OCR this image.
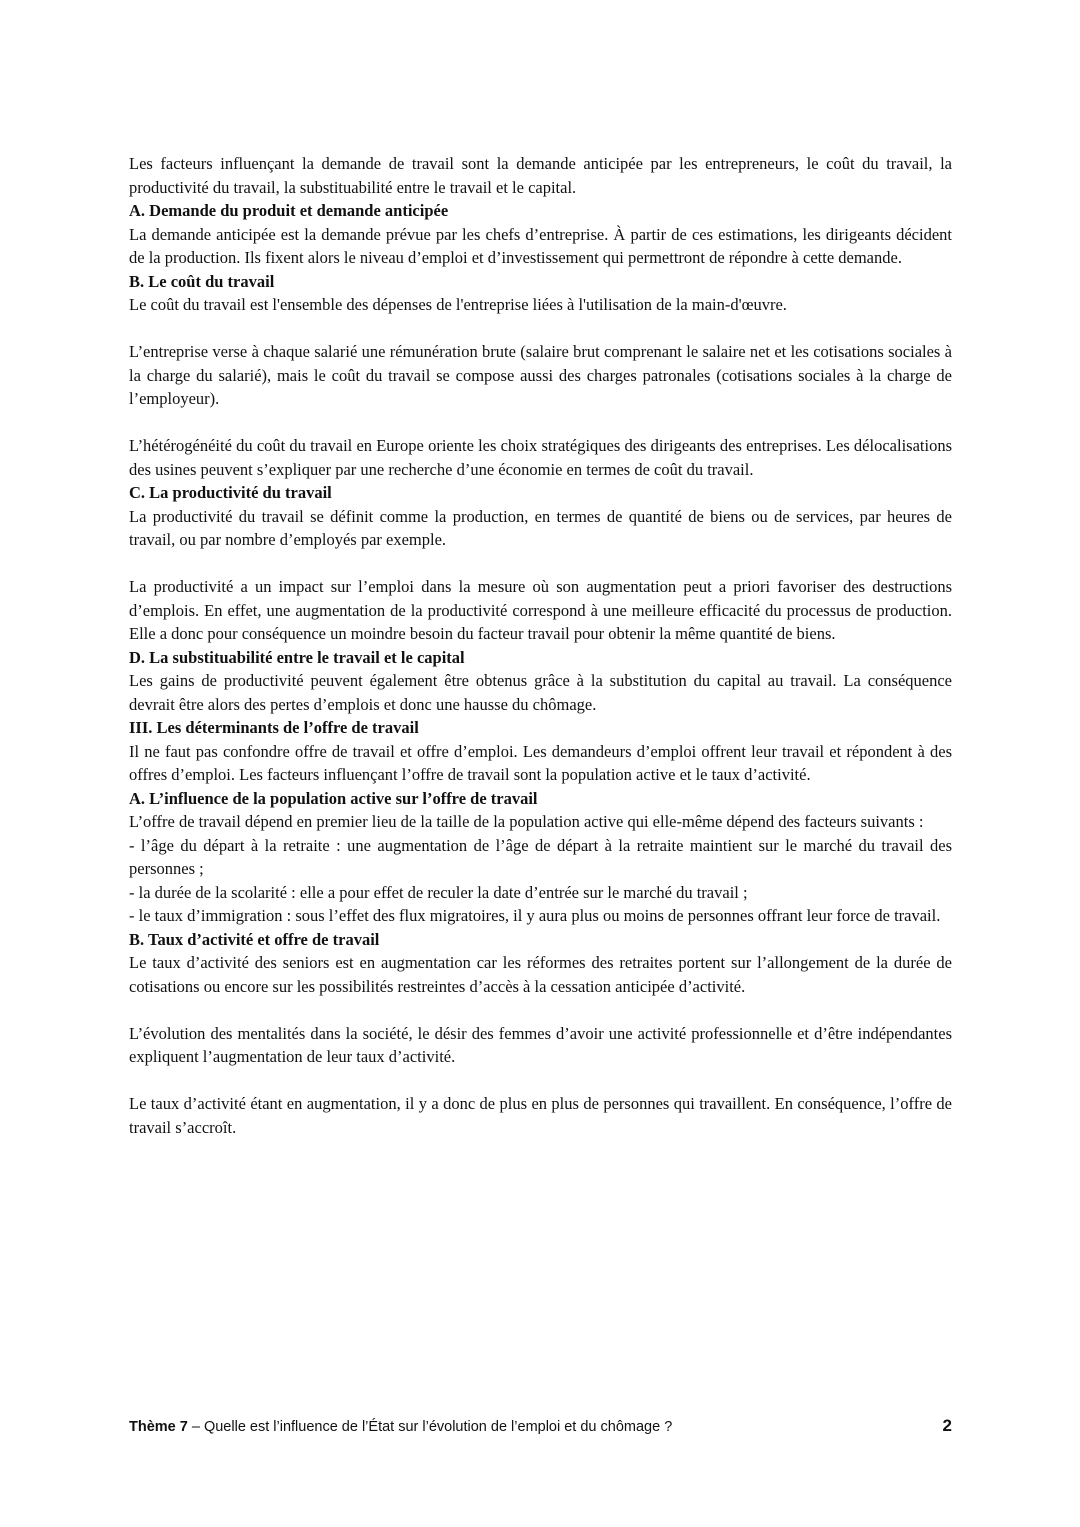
Les facteurs influençant la demande de travail sont la demande anticipée par les entrepreneurs, le coût du travail, la productivité du travail, la substituabilité entre le travail et le capital.

A. Demande du produit et demande anticipée

La demande anticipée est la demande prévue par les chefs d’entreprise. À partir de ces estimations, les dirigeants décident de la production. Ils fixent alors le niveau d’emploi et d’investissement qui permettront de répondre à cette demande.

B. Le coût du travail

Le coût du travail est l'ensemble des dépenses de l'entreprise liées à l'utilisation de la main-d'œuvre.

L’entreprise verse à chaque salarié une rémunération brute (salaire brut comprenant le salaire net et les cotisations sociales à la charge du salarié), mais le coût du travail se compose aussi des charges patronales (cotisations sociales à la charge de l’employeur).

L’hétérogénéité du coût du travail en Europe oriente les choix stratégiques des dirigeants des entreprises. Les délocalisations des usines peuvent s’expliquer par une recherche d’une économie en termes de coût du travail.

C. La productivité du travail

La productivité du travail se définit comme la production, en termes de quantité de biens ou de services, par heures de travail, ou par nombre d’employés par exemple.

La productivité a un impact sur l’emploi dans la mesure où son augmentation peut a priori favoriser des destructions d’emplois. En effet, une augmentation de la productivité correspond à une meilleure efficacité du processus de production. Elle a donc pour conséquence un moindre besoin du facteur travail pour obtenir la même quantité de biens.

D. La substituabilité entre le travail et le capital

Les gains de productivité peuvent également être obtenus grâce à la substitution du capital au travail. La conséquence devrait être alors des pertes d’emplois et donc une hausse du chômage.

III. Les déterminants de l’offre de travail

Il ne faut pas confondre offre de travail et offre d’emploi. Les demandeurs d’emploi offrent leur travail et répondent à des offres d’emploi. Les facteurs influençant l’offre de travail sont la population active et le taux d’activité.

A. L’influence de la population active sur l’offre de travail

L’offre de travail dépend en premier lieu de la taille de la population active qui elle-même dépend des facteurs suivants :

- l’âge du départ à la retraite : une augmentation de l’âge de départ à la retraite maintient sur le marché du travail des personnes ;
- la durée de la scolarité : elle a pour effet de reculer la date d’entrée sur le marché du travail ;
- le taux d’immigration : sous l’effet des flux migratoires, il y aura plus ou moins de personnes offrant leur force de travail.

B. Taux d’activité et offre de travail

Le taux d’activité des seniors est en augmentation car les réformes des retraites portent sur l’allongement de la durée de cotisations ou encore sur les possibilités restreintes d’accès à la cessation anticipée d’activité.

L’évolution des mentalités dans la société, le désir des femmes d’avoir une activité professionnelle et d’être indépendantes expliquent l’augmentation de leur taux d’activité.

Le taux d’activité étant en augmentation, il y a donc de plus en plus de personnes qui travaillent. En conséquence, l’offre de travail s’accroît.

Thème 7 – Quelle est l’influence de l’État sur l’évolution de l’emploi et du chômage ?	2
